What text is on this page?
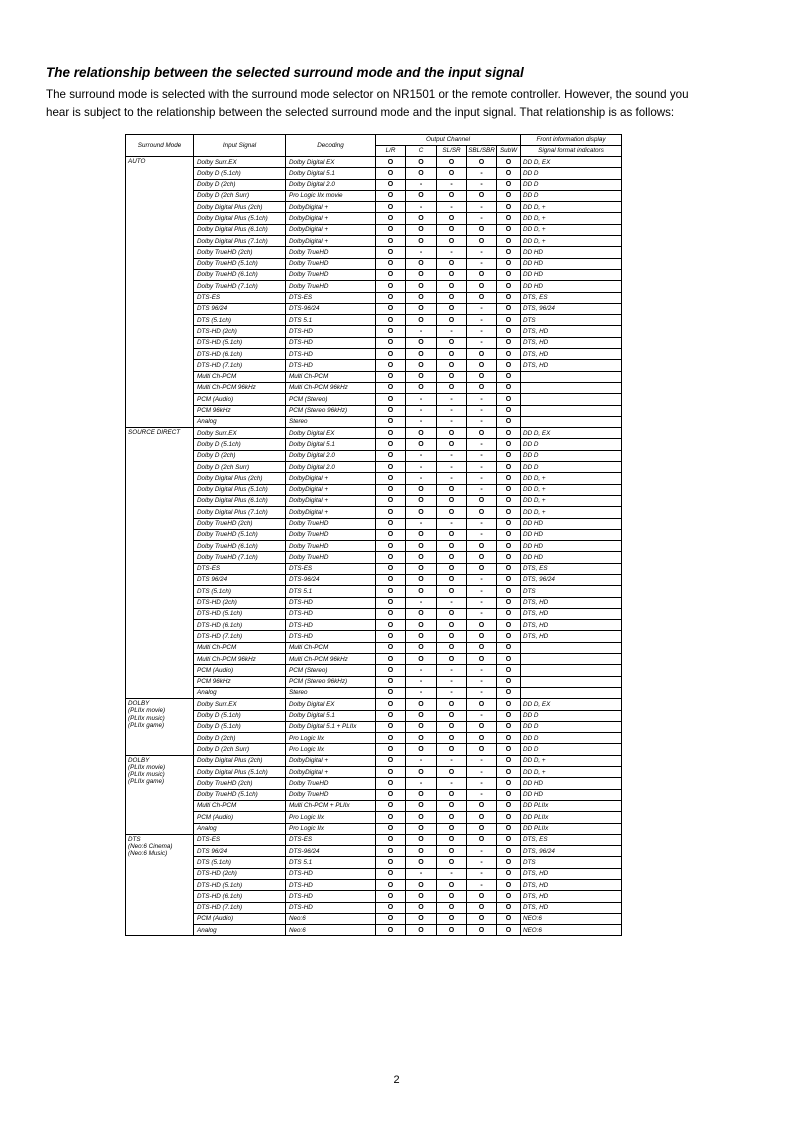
The relationship between the selected surround mode and the input signal
The surround mode is selected with the surround mode selector on NR1501 or the remote controller. However, the sound you
hear is subject to the relationship between the selected surround mode and the input signal. That relationship is as follows:
Surround Mode	Input Signal	Decoding	Output Channel					Front information display
			L/R	C	SL/SR	SBL/SBR	SubW	Signal format indicators
AUTO	Dolby Surr.EX	Dolby Digital EX	O	O	O	O	O	DD D, EX
	Dolby D (5.1ch)	Dolby Digital 5.1	O	O	O	-	O	DD D
	Dolby D (2ch)	Dolby Digital 2.0	O	-	-	-	O	DD D
	Dolby D (2ch Surr)	Pro Logic IIx movie	O	O	O	O	O	DD D
	Dolby Digital Plus (2ch)	DolbyDigital +	O	-	-	-	O	DD D, +
	Dolby Digital Plus (5.1ch)	DolbyDigital +	O	O	O	-	O	DD D, +
	Dolby Digital Plus (6.1ch)	DolbyDigital +	O	O	O	O	O	DD D, +
	Dolby Digital Plus (7.1ch)	DolbyDigital +	O	O	O	O	O	DD D, +
	Dolby TrueHD (2ch)	Dolby TrueHD	O	-	-	-	O	DD HD
	Dolby TrueHD (5.1ch)	Dolby TrueHD	O	O	O	-	O	DD HD
	Dolby TrueHD (6.1ch)	Dolby TrueHD	O	O	O	O	O	DD HD
	Dolby TrueHD (7.1ch)	Dolby TrueHD	O	O	O	O	O	DD HD
	DTS-ES	DTS-ES	O	O	O	O	O	DTS, ES
	DTS 96/24	DTS-96/24	O	O	O	-	O	DTS, 96/24
	DTS (5.1ch)	DTS 5.1	O	O	O	-	O	DTS
	DTS-HD (2ch)	DTS-HD	O	-	-	-	O	DTS, HD
	DTS-HD (5.1ch)	DTS-HD	O	O	O	-	O	DTS, HD
	DTS-HD (6.1ch)	DTS-HD	O	O	O	O	O	DTS, HD
	DTS-HD (7.1ch)	DTS-HD	O	O	O	O	O	DTS, HD
	Multi Ch-PCM	Multi Ch-PCM	O	O	O	O	O	
	Multi Ch-PCM 96kHz	Multi Ch-PCM 96kHz	O	O	O	O	O	
	PCM (Audio)	PCM (Stereo)	O	-	-	-	O	
	PCM 96kHz	PCM (Stereo 96kHz)	O	-	-	-	O	
	Analog	Stereo	O	-	-	-	O	
SOURCE DIRECT	Dolby Surr.EX	Dolby Digital EX	O	O	O	O	O	DD D, EX
	Dolby D (5.1ch)	Dolby Digital 5.1	O	O	O	-	O	DD D
	Dolby D (2ch)	Dolby Digital 2.0	O	-	-	-	O	DD D
	Dolby D (2ch Surr)	Dolby Digital 2.0	O	-	-	-	O	DD D
	Dolby Digital Plus (2ch)	DolbyDigital +	O	-	-	-	O	DD D, +
	Dolby Digital Plus (5.1ch)	DolbyDigital +	O	O	O	-	O	DD D, +
	Dolby Digital Plus (6.1ch)	DolbyDigital +	O	O	O	O	O	DD D, +
	Dolby Digital Plus (7.1ch)	DolbyDigital +	O	O	O	O	O	DD D, +
	Dolby TrueHD (2ch)	Dolby TrueHD	O	-	-	-	O	DD HD
	Dolby TrueHD (5.1ch)	Dolby TrueHD	O	O	O	-	O	DD HD
	Dolby TrueHD (6.1ch)	Dolby TrueHD	O	O	O	O	O	DD HD
	Dolby TrueHD (7.1ch)	Dolby TrueHD	O	O	O	O	O	DD HD
	DTS-ES	DTS-ES	O	O	O	O	O	DTS, ES
	DTS 96/24	DTS-96/24	O	O	O	-	O	DTS, 96/24
	DTS (5.1ch)	DTS 5.1	O	O	O	-	O	DTS
	DTS-HD (2ch)	DTS-HD	O	-	-	-	O	DTS, HD
	DTS-HD (5.1ch)	DTS-HD	O	O	O	-	O	DTS, HD
	DTS-HD (6.1ch)	DTS-HD	O	O	O	O	O	DTS, HD
	DTS-HD (7.1ch)	DTS-HD	O	O	O	O	O	DTS, HD
	Multi Ch-PCM	Multi Ch-PCM	O	O	O	O	O	
	Multi Ch-PCM 96kHz	Multi Ch-PCM 96kHz	O	O	O	O	O	
	PCM (Audio)	PCM (Stereo)	O	-	-	-	O	
	PCM 96kHz	PCM (Stereo 96kHz)	O	-	-	-	O	
	Analog	Stereo	O	-	-	-	O	
DOLBY
(PLIIx movie)
(PLIIx music)
(PLIIx game)	Dolby Surr.EX	Dolby Digital EX	O	O	O	O	O	DD D, EX
	Dolby D (5.1ch)	Dolby Digital 5.1	O	O	O	-	O	DD D
	Dolby D (5.1ch)	Dolby Digital 5.1 + PLIIx	O	O	O	O	O	DD D
	Dolby D (2ch)	Pro Logic IIx	O	O	O	O	O	DD D
	Dolby D (2ch Surr)	Pro Logic IIx	O	O	O	O	O	DD D
DOLBY
(PLIIx movie)
(PLIIx music)
(PLIIx game)	Dolby Digital Plus (2ch)	DolbyDigital +	O	-	-	-	O	DD D, +
	Dolby Digital Plus (5.1ch)	DolbyDigital +	O	O	O	-	O	DD D, +
	Dolby TrueHD (2ch)	Dolby TrueHD	O	-	-	-	O	DD HD
	Dolby TrueHD (5.1ch)	Dolby TrueHD	O	O	O	-	O	DD HD
	Multi Ch-PCM	Multi Ch-PCM + PLIIx	O	O	O	O	O	DD PLIIx
	PCM (Audio)	Pro Logic IIx	O	O	O	O	O	DD PLIIx
	Analog	Pro Logic IIx	O	O	O	O	O	DD PLIIx
DTS
(Neo:6 Cinema)
(Neo:6 Music)	DTS-ES	DTS-ES	O	O	O	O	O	DTS, ES
	DTS 96/24	DTS-96/24	O	O	O	-	O	DTS, 96/24
	DTS (5.1ch)	DTS 5.1	O	O	O	-	O	DTS
	DTS-HD (2ch)	DTS-HD	O	-	-	-	O	DTS, HD
	DTS-HD (5.1ch)	DTS-HD	O	O	O	-	O	DTS, HD
	DTS-HD (6.1ch)	DTS-HD	O	O	O	O	O	DTS, HD
	DTS-HD (7.1ch)	DTS-HD	O	O	O	O	O	DTS, HD
	PCM (Audio)	Neo:6	O	O	O	O	O	NEO:6
	Analog	Neo:6	O	O	O	O	O	NEO:6
2
